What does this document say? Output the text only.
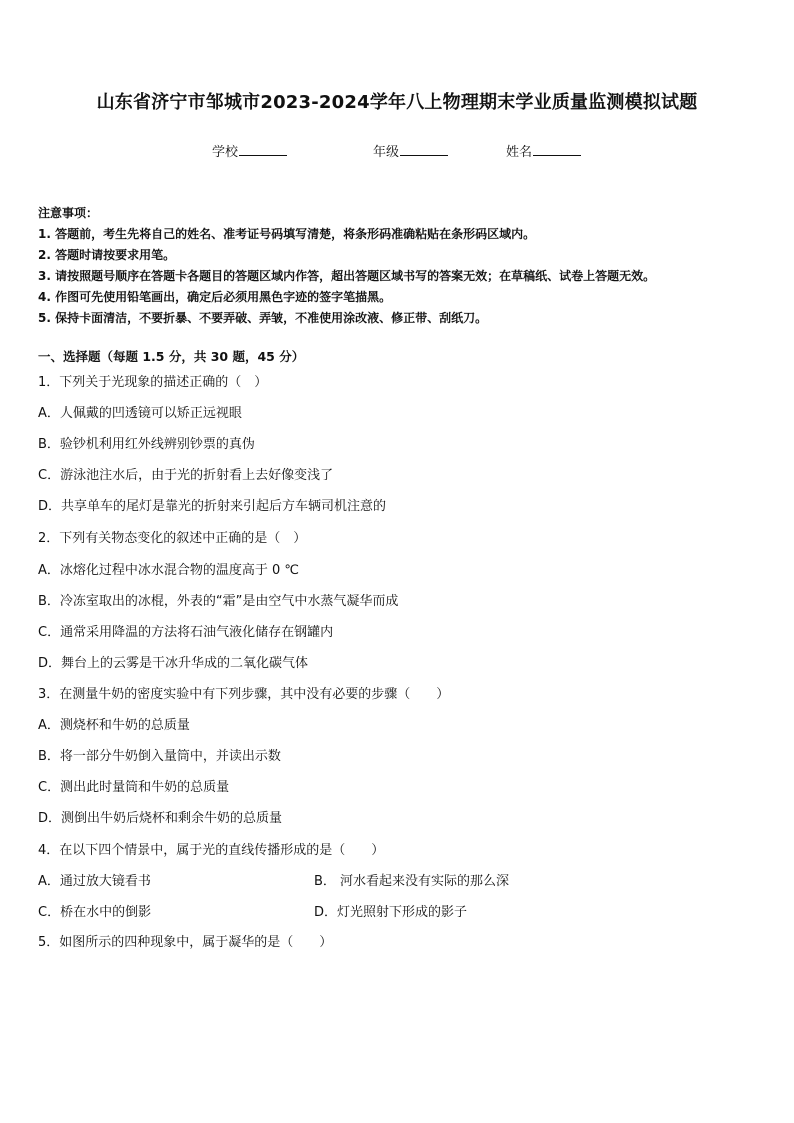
山东省济宁市邹城市2023-2024学年八上物理期末学业质量监测模拟试题
学校	年级	姓名
注意事项：
1. 答题前，考生先将自己的姓名、准考证号码填写清楚，将条形码准确粘贴在条形码区域内。
2. 答题时请按要求用笔。
3. 请按照题号顺序在答题卡各题目的答题区域内作答，超出答题区域书写的答案无效；在草稿纸、试卷上答题无效。
4. 作图可先使用铅笔画出，确定后必须用黑色字迹的签字笔描黑。
5. 保持卡面清洁，不要折暴、不要弄破、弄皱，不准使用涂改液、修正带、刮纸刀。
一、选择题（每题 1.5 分，共 30 题，45 分）
1．下列关于光现象的描述正确的（　）
A．人佩戴的凹透镜可以矫正远视眼
B．验钞机利用红外线辨别钞票的真伪
C．游泳池注水后，由于光的折射看上去好像变浅了
D．共享单车的尾灯是靠光的折射来引起后方车辆司机注意的
2．下列有关物态变化的叙述中正确的是（　）
A．冰熔化过程中冰水混合物的温度高于 0 ℃
B．冷冻室取出的冰棍，外表的“霜”是由空气中水蒸气凝华而成
C．通常采用降温的方法将石油气液化储存在钢罐内
D．舞台上的云雾是干冰升华成的二氧化碳气体
3．在测量牛奶的密度实验中有下列步骤，其中没有必要的步骤（　　）
A．测烧杯和牛奶的总质量
B．将一部分牛奶倒入量筒中，并读出示数
C．测出此时量筒和牛奶的总质量
D．测倒出牛奶后烧杯和剩余牛奶的总质量
4．在以下四个情景中，属于光的直线传播形成的是（　　）
A．通过放大镜看书	B． 河水看起来没有实际的那么深
C．桥在水中的倒影	D．灯光照射下形成的影子
5．如图所示的四种现象中，属于凝华的是（　　）
